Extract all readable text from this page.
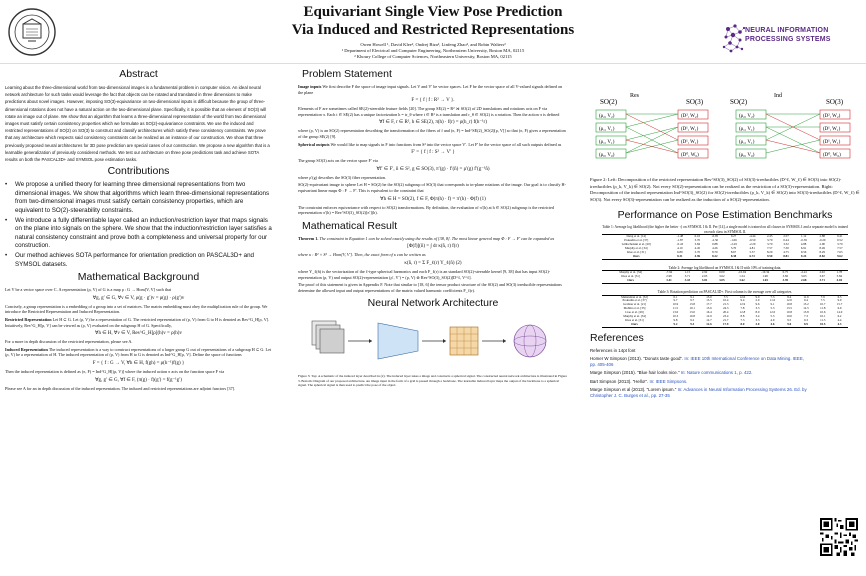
Equivariant Single View Pose Prediction
Via Induced and Restricted Representations
Owen Howell ¹, David Klee², Ondrej Biza², Linfeng Zhao², and Robin Walters²
¹ Department of Electrical and Computer Engineering, Northeastern University, Boston MA, 02115
² Khoury College of Computer Sciences, Northeastern University, Boston MA, 02115
NEURAL INFORMATION
PROCESSING SYSTEMS
Abstract
Learning about the three-dimensional world from two-dimensional images is a fundamental problem in computer vision. An ideal neural network architecture for such tasks would leverage the fact that objects can be rotated and translated in three dimensions to make predictions about novel images. However, imposing SO(3)-equivariance on two-dimensional inputs is difficult because the group of three-dimensional rotations does not have a natural action on the two-dimensional plane. Specifically, it is possible that an element of SO(3) will rotate an image out of plane. We show that an algorithm that learns a three-dimensional representation of the world from two dimensional images must satisfy certain consistency properties which we formulate as SO(2)-equivariance constraints. We use the induced and restricted representations of SO(2) on SO(3) to construct and classify architectures which satisfy these consistency constraints. We prove that any architecture which respects said consistency constraints can be realized as an instance of our construction. We show that three previously proposed neural architectures for 3D pose prediction are special cases of our construction. We propose a new algorithm that is a learnable generalization of previously considered methods. We test our architecture on three pose predictions task and achieve SOTA results on both the PASCAL3D+ and SYMSOL pose estimation tasks.
Contributions
• We propose a unified theory for learning three dimensional representations from two dimensional images. We show that algorithms which learn three-dimensional representations from two-dimensional images must satisfy certain consistency properties, which are equivalent to SO(2)-steerability constraints.
• We introduce a fully differentiable layer called an induction/restriction layer that maps signals on the plane into signals on the sphere. We show that the induction/restriction layer satisfies a natural consistency constraint and prove both a completeness and universal property for our construction.
• Our method achieves SOTA performance for orientation prediction on PASCAL3D+ and SYMSOL datasets.
Mathematical Background
Let V be a vector space over C. A representation (ρ, V) of G is a map ρ : G → Hom[V, V] such that
∀g, g′ ∈ G, ∀v ∈ V, ρ(g · g′)v = ρ(g) · ρ(g′)v
Concisely, a group representation is a embedding of a group into a set of matrices. The matrix embedding must obey the multiplication rule of the group. We introduce the Restricted Representation and Induced Representation.
Restricted Representation Let H ⊆ G. Let (ρ, V) be a representation of G. The restricted representation of (ρ, V) from G to H is denoted as Res^G_H[ρ, V]. Intuitively, Res^G_H[ρ, V] can be viewed as (ρ, V) evaluated on the subgroup H of G. Specifically,
∀h ∈ H, ∀v ∈ V, Res^G_H[ρ](h)v = ρ(h)v
For a more in depth discussion of the restricted representation, please see A.
Induced Representation The induced representation is a way to construct representations of a larger group G out of representations of a subgroup H ⊆ G. Let (ρ, V) be a representation of H. The induced representation of (ρ, V) from H to G is denoted as Ind^G_H[ρ, V]. Define the space of functions
F = { f : G → V, ∀h ∈ H, f(gh) = ρ(h⁻¹)f(g) }
Then the induced representation is defined as (π, F) = Ind^G_H[(ρ, V)] where the induced action π acts on the function space F via
∀g, g′ ∈ G, ∀f ∈ F, (π(g) · f)(g′) = f(g⁻¹g′)
Please see A for an in depth discussion of the induced representation. The induced and restricted representations are adjoint functors [37].
Problem Statement
Image inputs We first describe F the space of image input signals. Let V and V′ be vector spaces. Let F be the vector space of all V-valued signals defined on the plane
F = { f | f : R² → V }.
Elements of F are sometimes called SE(2)-steerable feature fields [20]. The group SE(2) = R² ⋊ SO(2) of 2D translations and rotations acts on F via representation π. Each t ∈ SE(2) has a unique factorization h = tr_θ where t ∈ R² is a translation and r_θ ∈ SO(2) is a rotation. Then the action π is defined
∀f ∈ F, r ∈ R², h ∈ SE(2), π(h) · f(r) = ρ(h_r) f(h⁻¹r)
where (ρ, V) is an SO(2) representation describing the transformation of the fibers of f and (π, F) = Ind^SE(2)_SO(2)[ρ, V]] so that (π, F) gives a representation of the group SE(2) [9].
Spherical outputs We would like to map signals in F into functions from S² into the vector space V′. Let F′ be the vector space of all such outputs defined as
F′ = { f | f : S² → V′ }
The group SO(3) acts on the vector space F′ via
∀f′ ∈ F′, ñ ∈ S², g ∈ SO(3), π′(g) · f′(ñ) = ρ′(g) f′(g⁻¹ñ)
where ρ′(g) describes the SO(3) fiber representation.
SO(2)-equivariant image to sphere Let H = SO(2) be the SO(2) subgroup of SO(3) that corresponds to in-plane rotations of the image. Our goal is to classify H-equivariant linear maps Φ : F → F′. This is equivalent to the constraint that
∀h ∈ H = SO(2), f ∈ F, Φ(π(h) · f) = π′(h) · Φ(f) (1)
The constraint enforces equivariance with respect to SO(2) transformations. By definition, the evaluation of π′(h) at h ∈ SO(2) subgroup is the restricted representation π′(h) = Res^SO(3)_SO(2)[π′](h).
Mathematical Result
Theorem 1. The constraint in Equation 1 can be solved exactly using the results of [38, 8]. The most linear general map Φ : F → F′ can be expanded as
[Φ(f)](ñ) = ∫ dr κ(ñ, r) f(r)
where κ : R² × S² → Hom[V, V′]. Then, the exact form of κ can be written as
κ(ñ, r) = Σ F_ℓ(r) Y_ℓ(ñ) (2)
where Y_ℓ(ñ) is the vectorization of the ℓ-type spherical harmonics and each F_ℓ(r) is an standard SO(2)-steerable kernel [9, 38] that has input SO(2)-representation (ρ, V) and output SO(2)-representation (ρ′, V′) = (ρ, V) ⊗ Res^SO(3)_SO(2)[D^ℓ, V^ℓ].
The proof of this statement is given in Appendix F. Note that similar to [18, 6] the tensor product structure of the SO(2) and SO(3) irreducible representations determine the allowed input and output representations of the matrix valued harmonic coefficients F_ℓ(r).
Neural Network Architecture
Figure 3: Top: A schematic of the induced layer described in (2). The induced layer takes a image and constructs a spherical signal. The constructed neural network architecture is illustrated in Figure 3. Bottom: Diagram of our proposed architecture. An image input in the form of a grid is passed through a backbone. The learnable induced layer maps the output of the backbone to a spherical signal. The spherical signal is then used to predict the pose of the object.
SO(2)
Res
SO(3)
(ρ₂, V₂)
(ρ₁, V₁)
(ρ₁, V₁)
(ρ₀, V₀)
(D², W₂)
(D¹, W₁)
(D¹, W₁)
(D⁰, W₀)
SO(2)
Ind
SO(3)
(ρ₂, V₂)
(ρ₁, V₁)
(ρ₁, V₁)
(ρ₀, V₀)
(D², W₂)
(D¹, W₁)
(D¹, W₁)
(D⁰, W₀)
Figure 2: Left: Decomposition of the restricted representation Res^SO(3)_SO(2) of SO(3)-irreducibles (D^ℓ, W_ℓ) ∈ SO(3) into SO(2)-irreducibles (ρ_k, V_k) ∈ SO(2). Not every SO(2)-representation can be realized as the restriction of a SO(3)-representation. Right: Decomposition of the induced representation Ind^SO(3)_SO(2) for SO(2)-irreducibles (ρ_k, V_k) ∈ SO(2) into SO(3)-irreducibles (D^ℓ, W_ℓ) ∈ SO(3). Not every SO(3)-representation can be realized as the induction of a SO(2)-representation.
Performance on Pose Estimation Benchmarks
Table 1: Average log likelihood (the higher the better ↑) on SYMSOL I & II. Per [14], a single model is trained on all classes in SYMSOL I and a separate model is trained on each class in SYMSOL II.
Deng et al. [14]	-1.48	0.16	-0.95	0.27	-4.44	2.45	2.57	1.12	2.88	0.41
Prokudin et al. [37]	-1.87	3.70	-2.50	-1.06	-0.50	3.70	0.44	-0.39	-0.29	0.52
Gilitschenski et al. [20]	-0.43	3.84	0.88	-2.29	-2.29	3.70	3.32	4.88	2.90	3.70
Murphy et al. [34]	4.10	4.45	4.26	5.70	4.81	7.57	7.30	6.91	8.49	7.57
Klee et al. [31]	6.89	3.70	8.70	8.67	5.37	8.29	4.75	9.56	8.29	7.65
Ours	8.31	4.96	8.22	8.38	6.72	9.50	8.81	9.24	8.82	9.62
Table 2: Average log likelihood on SYMSOL I & II with 10% of training data.
Murphy et al. [34]	-7.94	1.15	2.92	0.00	-10.04	-10.34	0.75	-2.41	2.02	1.78
Klee et al. [31]	2.98	3.71	2.03	3.62	1.54	1.90	3.82	3.63	3.67	3.84
Ours	3.41	3.43	3.81	3.05	3.62	1.65	3.95	2.68	3.71	4.04
Table 3: Rotation prediction on PASCAL3D+. First column is the average over all categories.
Mahendran et al. [32]	0.1	9.1	13.0	7.5	12.0	9.0	7.3	8.4	11.6	7.9	6.5
Prokudin et al. [37]	9.7	9.7	15.5	10.4	9.4	2.9	11.0	12.0	9.4	7.5	9.0
Grabner et al. [21]	10.9	13.8	17.7	21.3	12.9	9.6	9.1	10.8	13.2	10.7	15.7
Mohlin et al. [33]	11.5	10.1	15.6	24.3	7.8	3.3	5.3	13.5	12.5	11.8	6.9
Liao et al. [29]	13.0	13.0	16.4	20.4	12.8	8.9	12.0	10.8	13.8	10.6	14.0
Murphy et al. [34]	10.3	10.8	12.9	23.4	8.8	3.4	5.3	10.0	7.3	10.1	6.2
Klee et al. [31]	9.8	9.2	12.7	21.7	7.3	3.3	4.9	9.5	9.3	11.5	4.4
Ours	9.2	9.3	12.6	17.9	8.0	3.0	4.6	9.0	8.9	10.5	4.3
References
References in 14pt font
Homer W Simpson (2013). "Donuts taste good". In: IEEE 10th International Conference on Data Mining. IEEE, pp. 405-406
Marge Simpson (2015). "Blue hair looks nice." In: Nature communications 1, p. 422.
Bart Simpson (2013). "Hello!". In: IEEE Simpsons.
Marge Simpson et al (2013). "Lorem ipsum." In: Advances in Neural Information Processing Systems 26. Ed. by Christopher J. C. Burges et al., pp. 27-35
